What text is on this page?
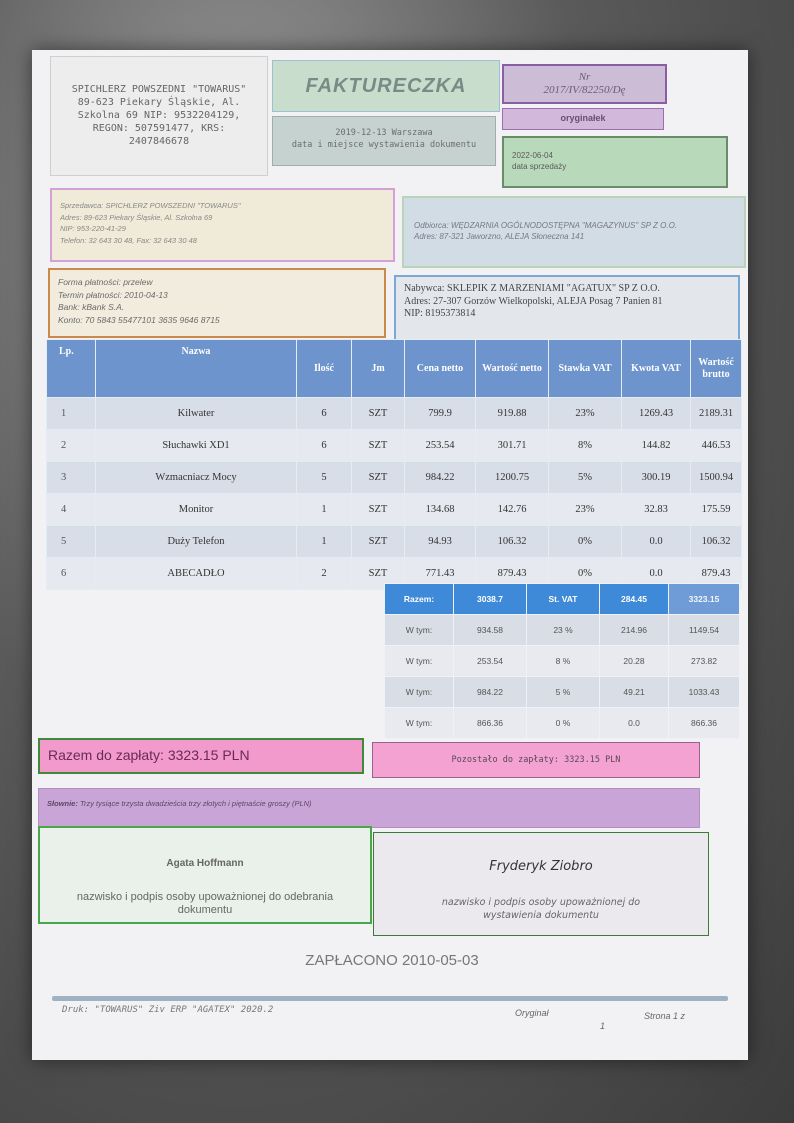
SPICHLERZ POWSZEDNI "TOWARUS"
89-623 Piekary Śląskie, Al.
Szkolna 69 NIP: 9532204129,
REGON: 507591477, KRS:
2407846678
FAKTURECZKA	Nr
2017/IV/82250/Dę
oryginałek
2019-12-13 Warszawa
data i miejsce wystawienia dokumentu
2022-06-04
data sprzedaży
Sprzedawca: SPICHLERZ POWSZEDNI "TOWARUS"
Adres: 89-623 Piekary Śląskie, Al. Szkolna 69
NIP: 953-220-41-29
Telefon: 32 643 30 48, Fax: 32 643 30 48
Odbiorca: WĘDZARNIA OGÓLNODOSTĘPNA "MAGAZYNUS" SP Z O.O.
Adres: 87-321 Jaworzno, ALEJA Słoneczna 141
Forma płatności: przelew
Termin płatności: 2010-04-13
Bank: kBank S.A.
Konto: 70 5843 55477101 3635 9646 8715
Nabywca: SKLEPIK Z MARZENIAMI "AGATUX" SP Z O.O.
Adres: 27-307 Gorzów Wielkopolski, ALEJA Posag 7 Panien 81
NIP: 8195373814
Lp.	Nazwa	Ilość	Jm	Cena netto	Wartość netto	Stawka VAT	Kwota VAT	Wartość brutto
1	Kilwater	6	SZT	799.9	919.88	23%	1269.43	2189.31
2	Słuchawki XD1	6	SZT	253.54	301.71	8%	144.82	446.53
3	Wzmacniacz Mocy	5	SZT	984.22	1200.75	5%	300.19	1500.94
4	Monitor	1	SZT	134.68	142.76	23%	32.83	175.59
5	Duży Telefon	1	SZT	94.93	106.32	0%	0.0	106.32
6	ABECADŁO	2	SZT	771.43	879.43	0%	0.0	879.43
Razem:	3038.7	St. VAT	284.45	3323.15
W tym:	934.58	23 %	214.96	1149.54
W tym:	253.54	8 %	20.28	273.82
W tym:	984.22	5 %	49.21	1033.43
W tym:	866.36	0 %	0.0	866.36
Razem do zapłaty: 3323.15 PLN	Pozostało do zapłaty: 3323.15 PLN
Słownie: Trzy tysiące trzysta dwadzieścia trzy złotych i piętnaście groszy (PLN)
Agata Hoffmann
nazwisko i podpis osoby upoważnionej do odebrania dokumentu
Fryderyk Ziobro
nazwisko i podpis osoby upoważnionej do wystawienia dokumentu
ZAPŁACONO 2010-05-03
Druk: "TOWARUS" Ziv ERP "AGATEX" 2020.2	Oryginał	Strona 1 z
1
